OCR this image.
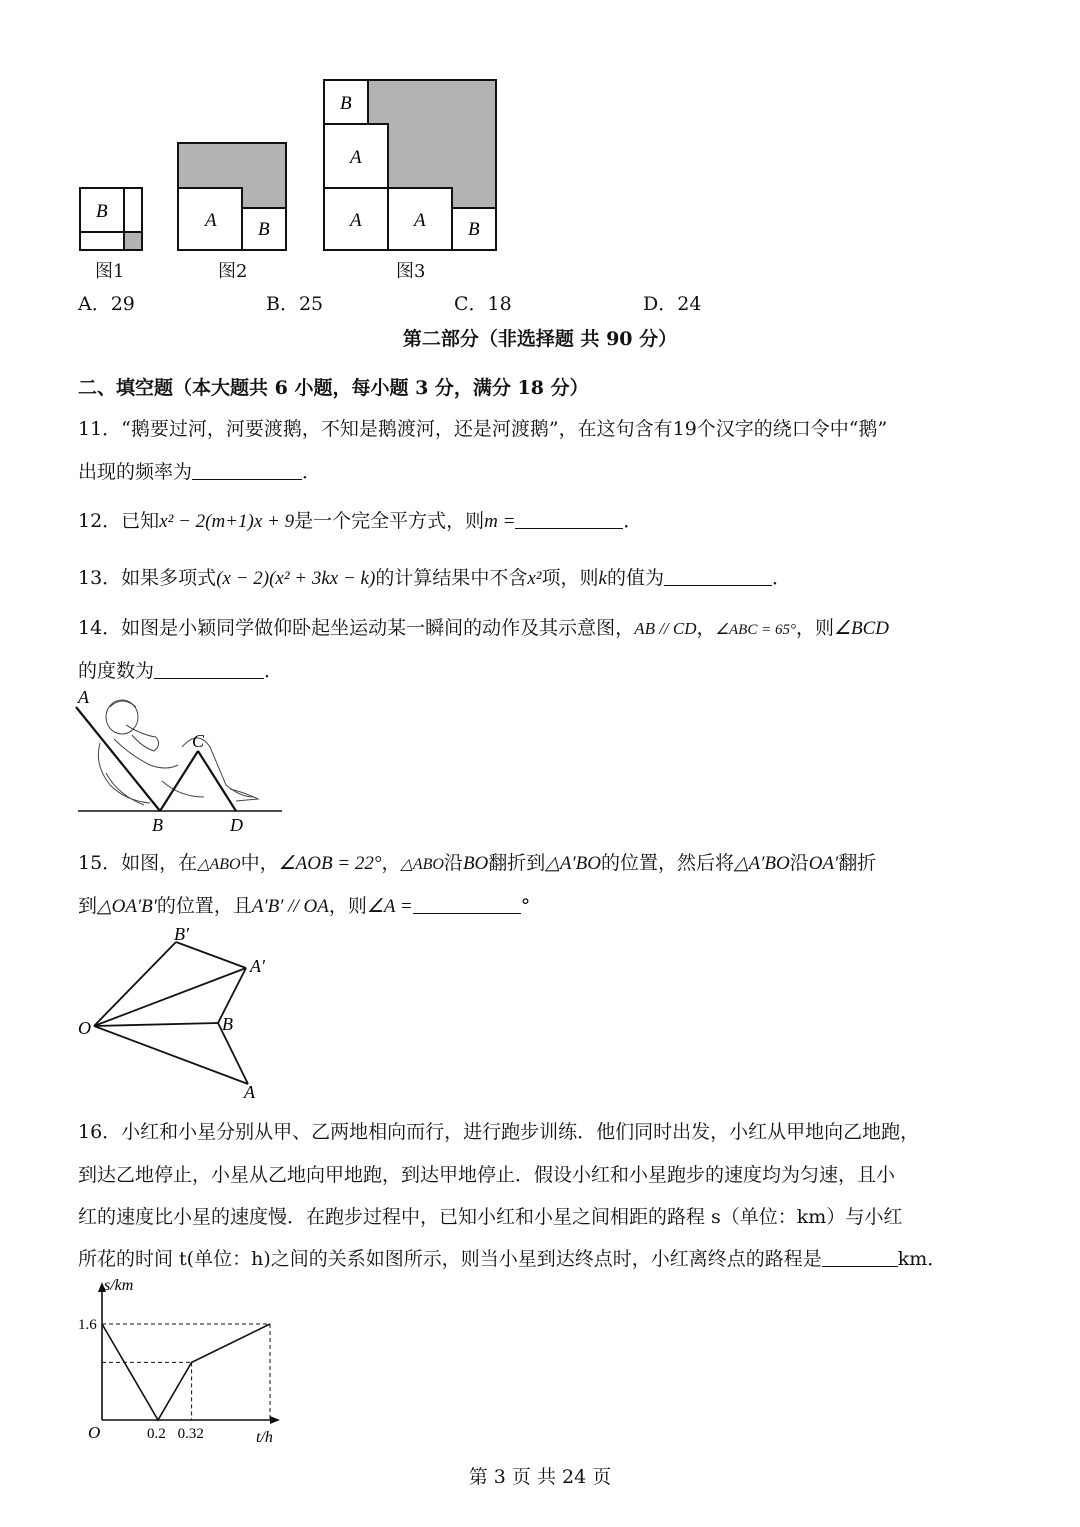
B	A B
B
A
A	A B
图1	图2	图3
A．29	B．25	C．18	D．24
第二部分（非选择题 共 90 分）
二、填空题（本大题共 6 小题，每小题 3 分，满分 18 分）
11．“鹅要过河，河要渡鹅，不知是鹅渡河，还是河渡鹅”，在这句含有19个汉字的绕口令中“鹅”
出现的频率为	．
12．已知x² − 2(m+1)x + 9是一个完全平方式，则m =	．
13．如果多项式(x − 2)(x² + 3kx − k)的计算结果中不含x²项，则k的值为	．
14．如图是小颖同学做仰卧起坐运动某一瞬间的动作及其示意图，AB // CD，∠ABC = 65°，则∠BCD
的度数为	．
A
B
C
D
15．如图，在△ABO中，∠AOB = 22°，△ABO沿BO翻折到△A′BO的位置，然后将△A′BO沿OA′翻折
到△OA′B′的位置，且A′B′ // OA，则∠A =	°
B′
A′
O	B
A
16．小红和小星分别从甲、乙两地相向而行，进行跑步训练．他们同时出发，小红从甲地向乙地跑，
到达乙地停止，小星从乙地向甲地跑，到达甲地停止．假设小红和小星跑步的速度均为匀速，且小
红的速度比小星的速度慢．在跑步过程中，已知小红和小星之间相距的路程 s（单位：km）与小红
所花的时间 t(单位：h)之间的关系如图所示，则当小星到达终点时，小红离终点的路程是	km．
s/km
t/h
O
1.6
0.2 0.32
第 3 页 共 24 页
